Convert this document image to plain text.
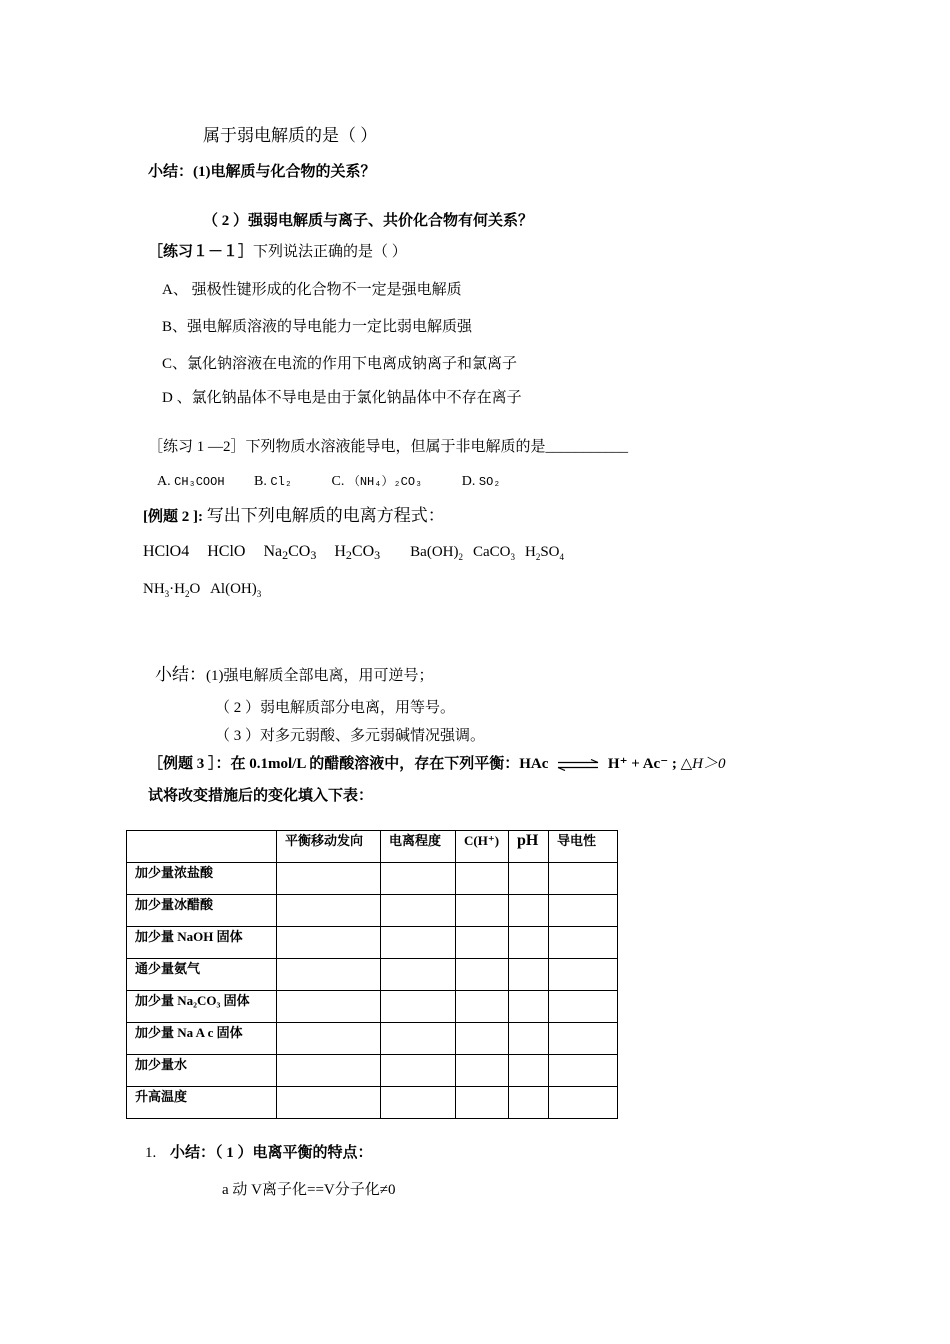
属于弱电解质的是（ ）
小结：(1)电解质与化合物的关系？
（ 2 ）强弱电解质与离子、共价化合物有何关系？
［练习１－１］下列说法正确的是（ ）
A、 强极性键形成的化合物不一定是强电解质
B、强电解质溶液的导电能力一定比弱电解质强
C、氯化钠溶液在电流的作用下电离成钠离子和氯离子
D 、氯化钠晶体不导电是由于氯化钠晶体中不存在离子
［练习 1 —2］下列物质水溶液能导电，但属于非电解质的是___________
A. CH₃COOH B. Cl₂	C. （NH₄）₂CO₃	D. SO₂
[例题 2 ]: 写出下列电解质的电离方程式：
HClO4 HClO $Na_2CO_3$ $H_2CO_3$ $Ba(OH)_2$ CaCO$_3$ $H_2SO_4$
$NH_3\cdot H_2O$ $Al(OH)_3$
小结：(1)强电解质全部电离，用可逆号；
（ 2 ）弱电解质部分电离，用等号。
（ 3 ）对多元弱酸、多元弱碱情况强调。
［例题 3 ］：在 0.1mol/L 的醋酸溶液中，存在下列平衡：HAc ⇌ H⁺ + Ac⁻ ; △H＞0
试将改变措施后的变化填入下表：

	平衡移动发向	电离程度	C(H⁺)	pH	导电性

加少量浓盐酸					

加少量冰醋酸					

加少量 NaOH 固体					

通少量氨气					

加少量 Na₂CO₃ 固体					

加少量 Na A c 固体					

加少量水					

升高温度					

1. 小结：（ 1 ）电离平衡的特点：
a 动 V离子化==V分子化≠0
